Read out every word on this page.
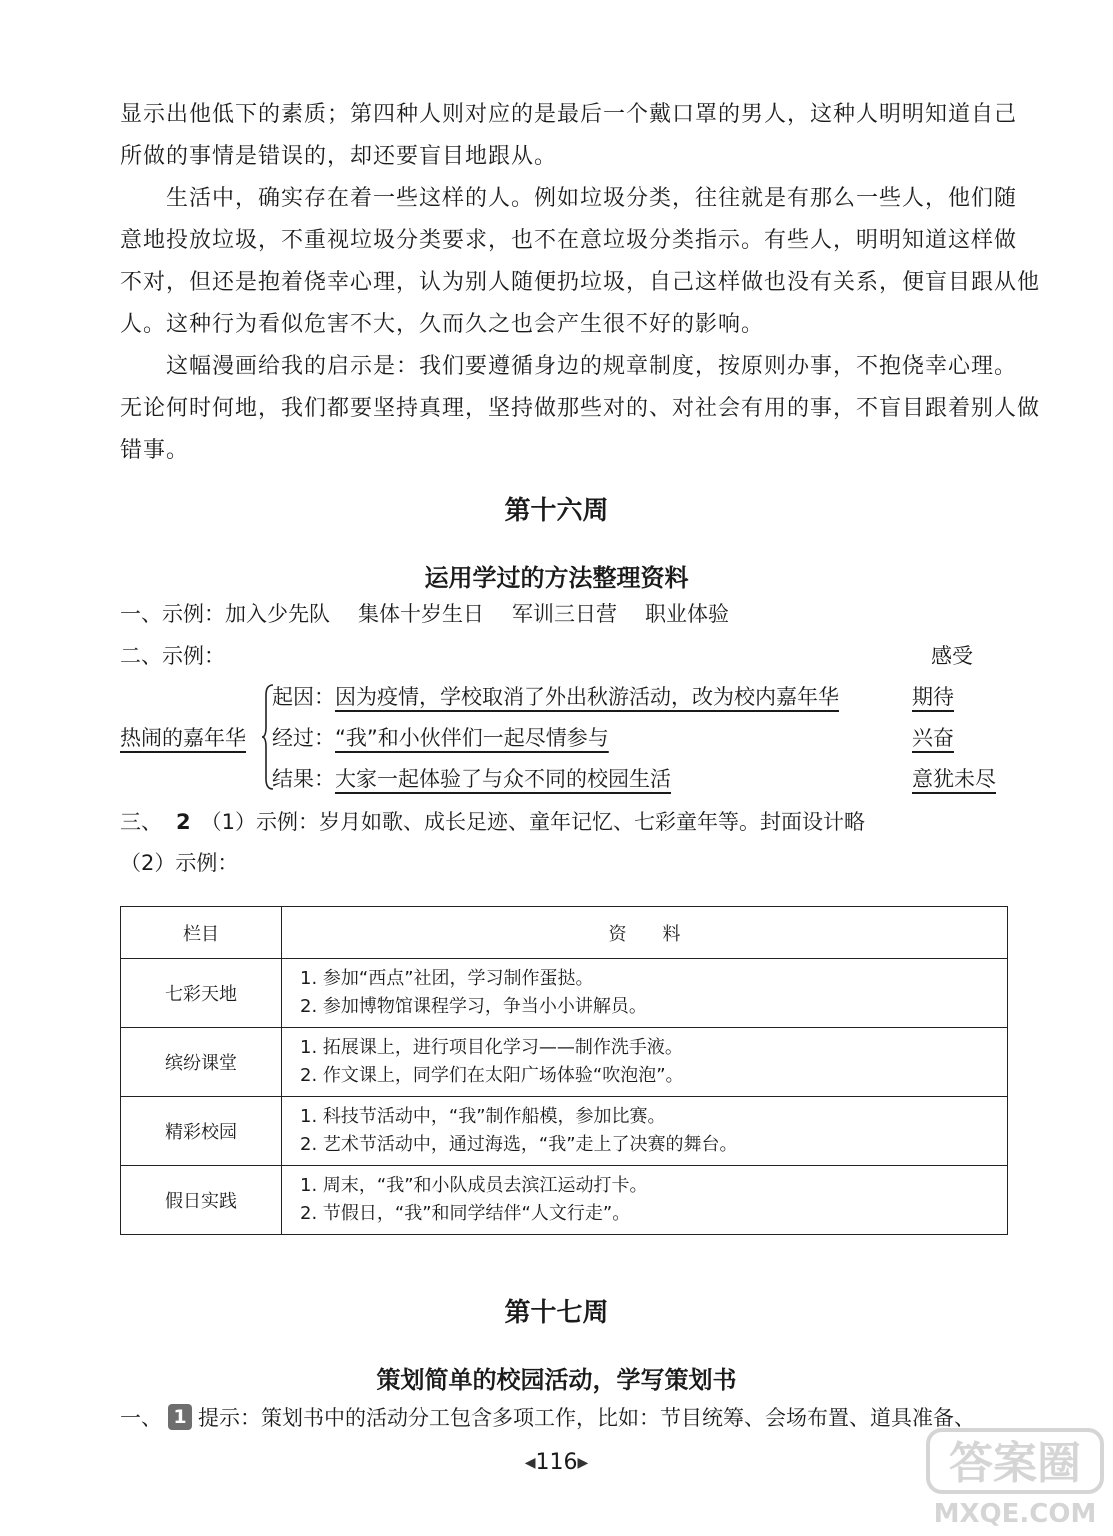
显示出他低下的素质；第四种人则对应的是最后一个戴口罩的男人，这种人明明知道自己
所做的事情是错误的，却还要盲目地跟从。

　　生活中，确实存在着一些这样的人。例如垃圾分类，往往就是有那么一些人，他们随
意地投放垃圾，不重视垃圾分类要求，也不在意垃圾分类指示。有些人，明明知道这样做
不对，但还是抱着侥幸心理，认为别人随便扔垃圾，自己这样做也没有关系，便盲目跟从他
人。这种行为看似危害不大，久而久之也会产生很不好的影响。

　　这幅漫画给我的启示是：我们要遵循身边的规章制度，按原则办事，不抱侥幸心理。
无论何时何地，我们都要坚持真理，坚持做那些对的、对社会有用的事，不盲目跟着别人做
错事。

第十六周
运用学过的方法整理资料
一、示例：加入少先队 集体十岁生日 军训三日营 职业体验
二、示例：	感受
热闹的嘉年华
起因：因为疫情，学校取消了外出秋游活动，改为校内嘉年华	期待
经过：“我”和小伙伴们一起尽情参与	兴奋
结果：大家一起体验了与众不同的校园生活	意犹未尽
三、 2 （1）示例：岁月如歌、成长足迹、童年记忆、七彩童年等。封面设计略
（2）示例：
栏目	资　　料
七彩天地	1. 参加“西点”社团，学习制作蛋挞。
2. 参加博物馆课程学习，争当小小讲解员。

缤纷课堂	1. 拓展课上，进行项目化学习——制作洗手液。
2. 作文课上，同学们在太阳广场体验“吹泡泡”。

精彩校园	1. 科技节活动中，“我”制作船模，参加比赛。
2. 艺术节活动中，通过海选，“我”走上了决赛的舞台。

假日实践	1. 周末，“我”和小队成员去滨江运动打卡。
2. 节假日，“我”和同学结伴“人文行走”。
第十七周
策划简单的校园活动，学写策划书
一、 1 提示：策划书中的活动分工包含多项工作，比如：节目统筹、会场布置、道具准备、
◀116▶	答案圈
MXQE.COM
